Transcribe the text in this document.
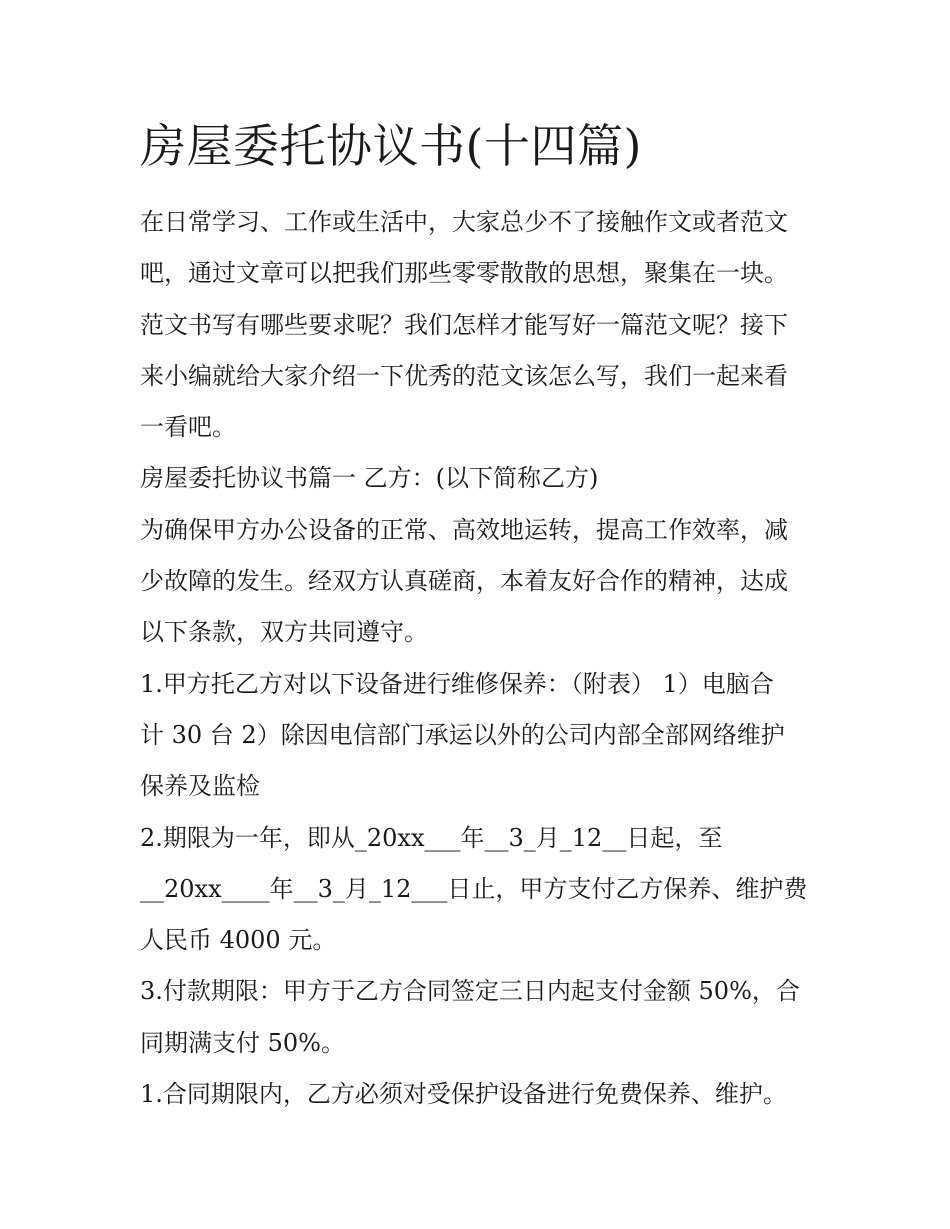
房屋委托协议书(十四篇)
在日常学习、工作或生活中，大家总少不了接触作文或者范文
吧，通过文章可以把我们那些零零散散的思想，聚集在一块。
范文书写有哪些要求呢？我们怎样才能写好一篇范文呢？接下
来小编就给大家介绍一下优秀的范文该怎么写，我们一起来看
一看吧。
房屋委托协议书篇一 乙方：(以下简称乙方)
为确保甲方办公设备的正常、高效地运转，提高工作效率，减
少故障的发生。经双方认真磋商，本着友好合作的精神，达成
以下条款，双方共同遵守。
1.甲方托乙方对以下设备进行维修保养：（附表） 1）电脑合
计 30 台 2）除因电信部门承运以外的公司内部全部网络维护
保养及监检
2.期限为一年，即从_20xx___年__3_月_12__日起，至
__20xx____年__3_月_12___日止，甲方支付乙方保养、维护费
人民币 4000 元。
3.付款期限：甲方于乙方合同签定三日内起支付金额 50%，合
同期满支付 50%。
1.合同期限内，乙方必须对受保护设备进行免费保养、维护。
